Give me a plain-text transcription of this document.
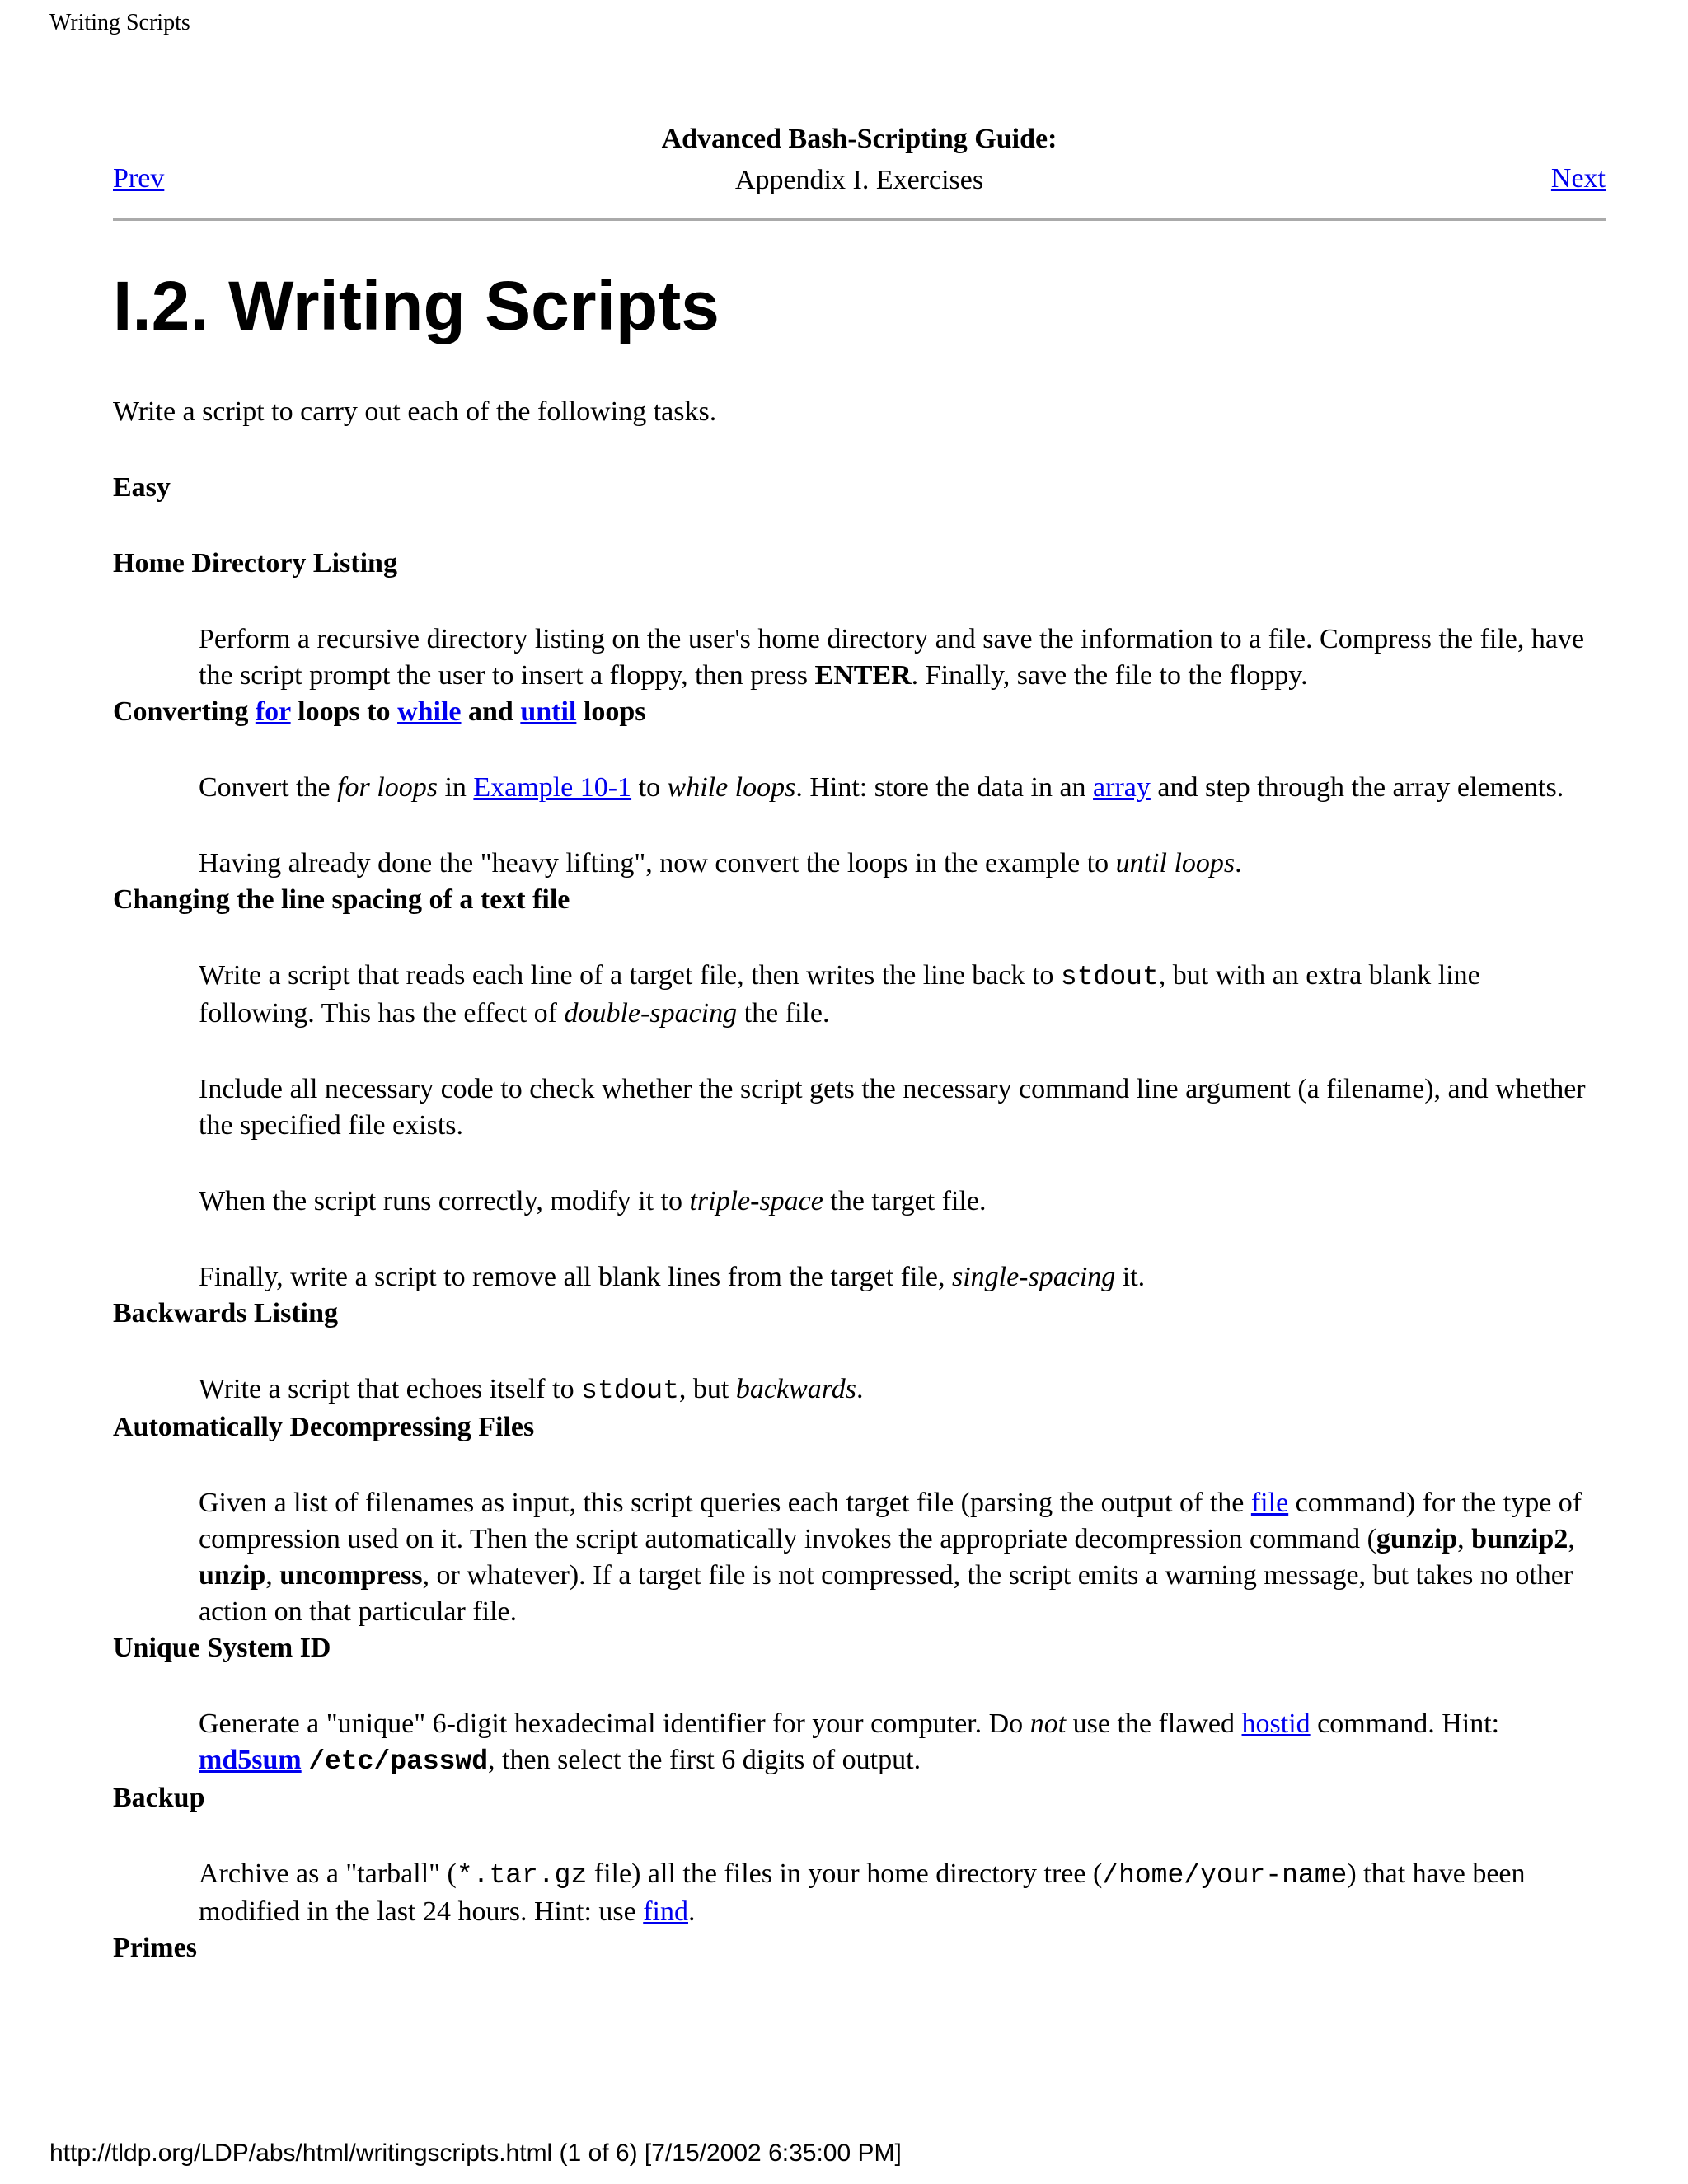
Writing Scripts
Advanced Bash-Scripting Guide:
Appendix I. Exercises
Prev	Next
I.2. Writing Scripts
Write a script to carry out each of the following tasks.
Easy
Home Directory Listing

Perform a recursive directory listing on the user's home directory and save the information to a file. Compress the file, have the script prompt the user to insert a floppy, then press ENTER. Finally, save the file to the floppy.

Converting for loops to while and until loops

Convert the for loops in Example 10-1 to while loops. Hint: store the data in an array and step through the array elements.

Having already done the "heavy lifting", now convert the loops in the example to until loops.

Changing the line spacing of a text file

Write a script that reads each line of a target file, then writes the line back to stdout, but with an extra blank line following. This has the effect of double-spacing the file.

Include all necessary code to check whether the script gets the necessary command line argument (a filename), and whether the specified file exists.

When the script runs correctly, modify it to triple-space the target file.

Finally, write a script to remove all blank lines from the target file, single-spacing it.

Backwards Listing

Write a script that echoes itself to stdout, but backwards.

Automatically Decompressing Files

Given a list of filenames as input, this script queries each target file (parsing the output of the file command) for the type of compression used on it. Then the script automatically invokes the appropriate decompression command (gunzip, bunzip2, unzip, uncompress, or whatever). If a target file is not compressed, the script emits a warning message, but takes no other action on that particular file.

Unique System ID

Generate a "unique" 6-digit hexadecimal identifier for your computer. Do not use the flawed hostid command. Hint: md5sum /etc/passwd, then select the first 6 digits of output.

Backup

Archive as a "tarball" (*.tar.gz file) all the files in your home directory tree (/home/your-name) that have been modified in the last 24 hours. Hint: use find.

Primes
http://tldp.org/LDP/abs/html/writingscripts.html (1 of 6) [7/15/2002 6:35:00 PM]
